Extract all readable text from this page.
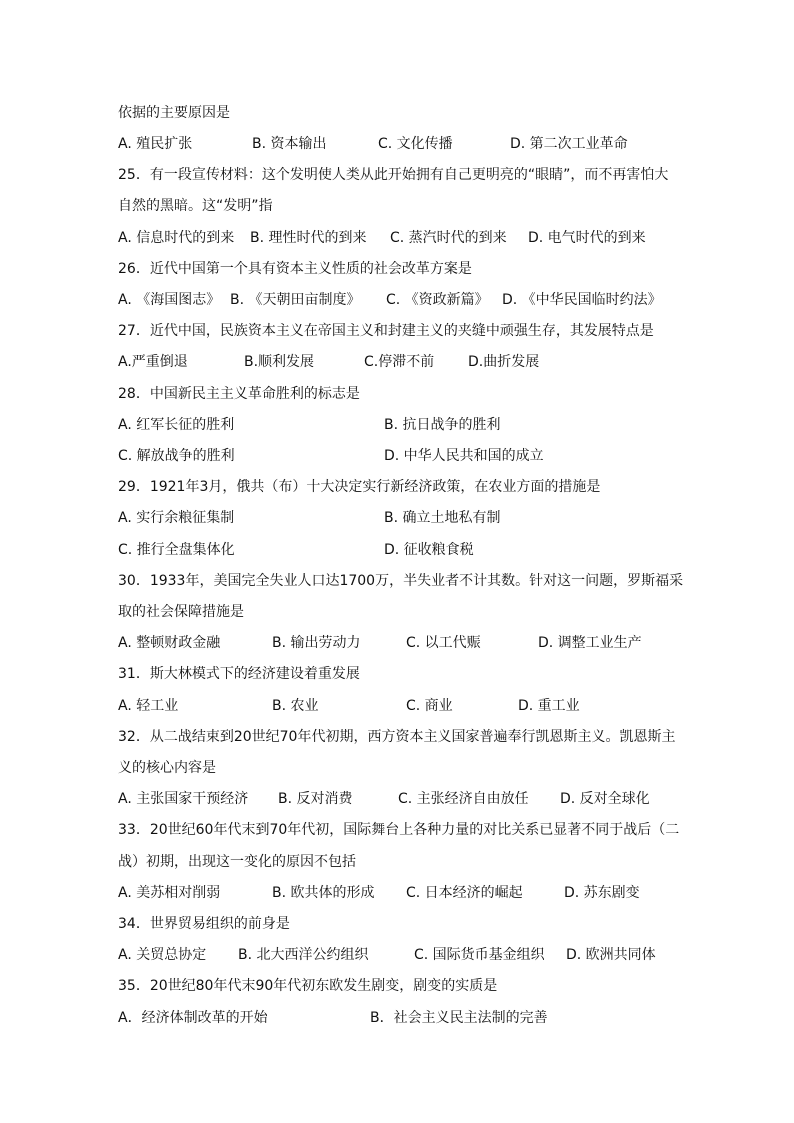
依据的主要原因是
A. 殖民扩张	B. 资本输出	C. 文化传播	D. 第二次工业革命
25．有一段宣传材料：这个发明使人类从此开始拥有自己更明亮的“眼睛”，而不再害怕大
自然的黑暗。这“发明”指
A. 信息时代的到来 B. 理性时代的到来 C. 蒸汽时代的到来 D. 电气时代的到来
26．近代中国第一个具有资本主义性质的社会改革方案是
A. 《海国图志》 B. 《天朝田亩制度》 C. 《资政新篇》 D. 《中华民国临时约法》
27．近代中国，民族资本主义在帝国主义和封建主义的夹缝中顽强生存，其发展特点是
A.严重倒退	B.顺利发展	C.停滞不前 D.曲折发展
28．中国新民主主义革命胜利的标志是
A. 红军长征的胜利	B. 抗日战争的胜利
C. 解放战争的胜利	D. 中华人民共和国的成立
29．1921年3月，俄共（布）十大决定实行新经济政策，在农业方面的措施是
A. 实行余粮征集制	B. 确立土地私有制
C. 推行全盘集体化	D. 征收粮食税
30．1933年，美国完全失业人口达1700万，半失业者不计其数。针对这一问题，罗斯福采
取的社会保障措施是
A. 整顿财政金融	B. 输出劳动力	C. 以工代赈	D. 调整工业生产
31．斯大林模式下的经济建设着重发展
A. 轻工业	B. 农业	C. 商业	D. 重工业
32．从二战结束到20世纪70年代初期，西方资本主义国家普遍奉行凯恩斯主义。凯恩斯主
义的核心内容是
A. 主张国家干预经济 B. 反对消费	C. 主张经济自由放任 D. 反对全球化
33．20世纪60年代末到70年代初，国际舞台上各种力量的对比关系已显著不同于战后（二
战）初期，出现这一变化的原因不包括
A. 美苏相对削弱	B. 欧共体的形成 C. 日本经济的崛起	D. 苏东剧变
34．世界贸易组织的前身是
A. 关贸总协定 B. 北大西洋公约组织	C. 国际货币基金组织 D. 欧洲共同体
35．20世纪80年代末90年代初东欧发生剧变，剧变的实质是
A．经济体制改革的开始	B．社会主义民主法制的完善
